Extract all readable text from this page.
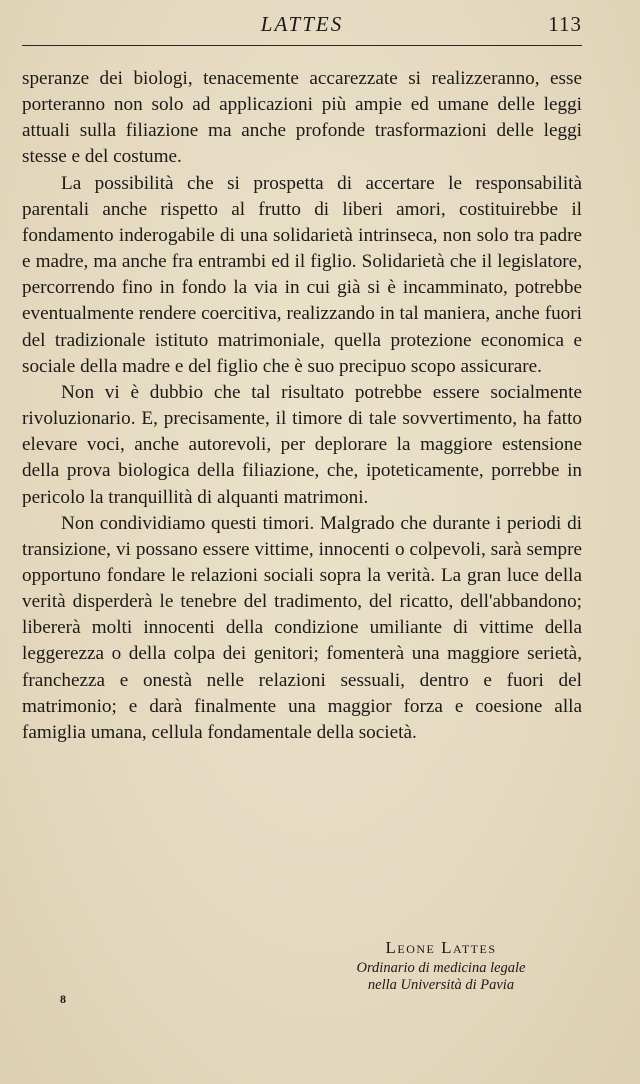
LATTES	113

speranze dei biologi, tenacemente accarezzate si realizzeranno, esse porteranno non solo ad applicazioni più ampie ed umane delle leggi attuali sulla filiazione ma anche profonde trasformazioni delle leggi stesse e del costume.

La possibilità che si prospetta di accertare le responsabilità parentali anche rispetto al frutto di liberi amori, costituirebbe il fondamento inderogabile di una solidarietà intrinseca, non solo tra padre e madre, ma anche fra entrambi ed il figlio. Solidarietà che il legislatore, percorrendo fino in fondo la via in cui già si è incamminato, potrebbe eventualmente rendere coercitiva, realizzando in tal maniera, anche fuori del tradizionale istituto matrimoniale, quella protezione economica e sociale della madre e del figlio che è suo precipuo scopo assicurare.

Non vi è dubbio che tal risultato potrebbe essere socialmente rivoluzionario. E, precisamente, il timore di tale sovvertimento, ha fatto elevare voci, anche autorevoli, per deplorare la maggiore estensione della prova biologica della filiazione, che, ipoteticamente, porrebbe in pericolo la tranquillità di alquanti matrimoni.

Non condividiamo questi timori. Malgrado che durante i periodi di transizione, vi possano essere vittime, innocenti o colpevoli, sarà sempre opportuno fondare le relazioni sociali sopra la verità. La gran luce della verità disperderà le tenebre del tradimento, del ricatto, dell'abbandono; libererà molti innocenti della condizione umiliante di vittime della leggerezza o della colpa dei genitori; fomenterà una maggiore serietà, franchezza e onestà nelle relazioni sessuali, dentro e fuori del matrimonio; e darà finalmente una maggior forza e coesione alla famiglia umana, cellula fondamentale della società.

Leone Lattes
Ordinario di medicina legale
nella Università di Pavia
8
